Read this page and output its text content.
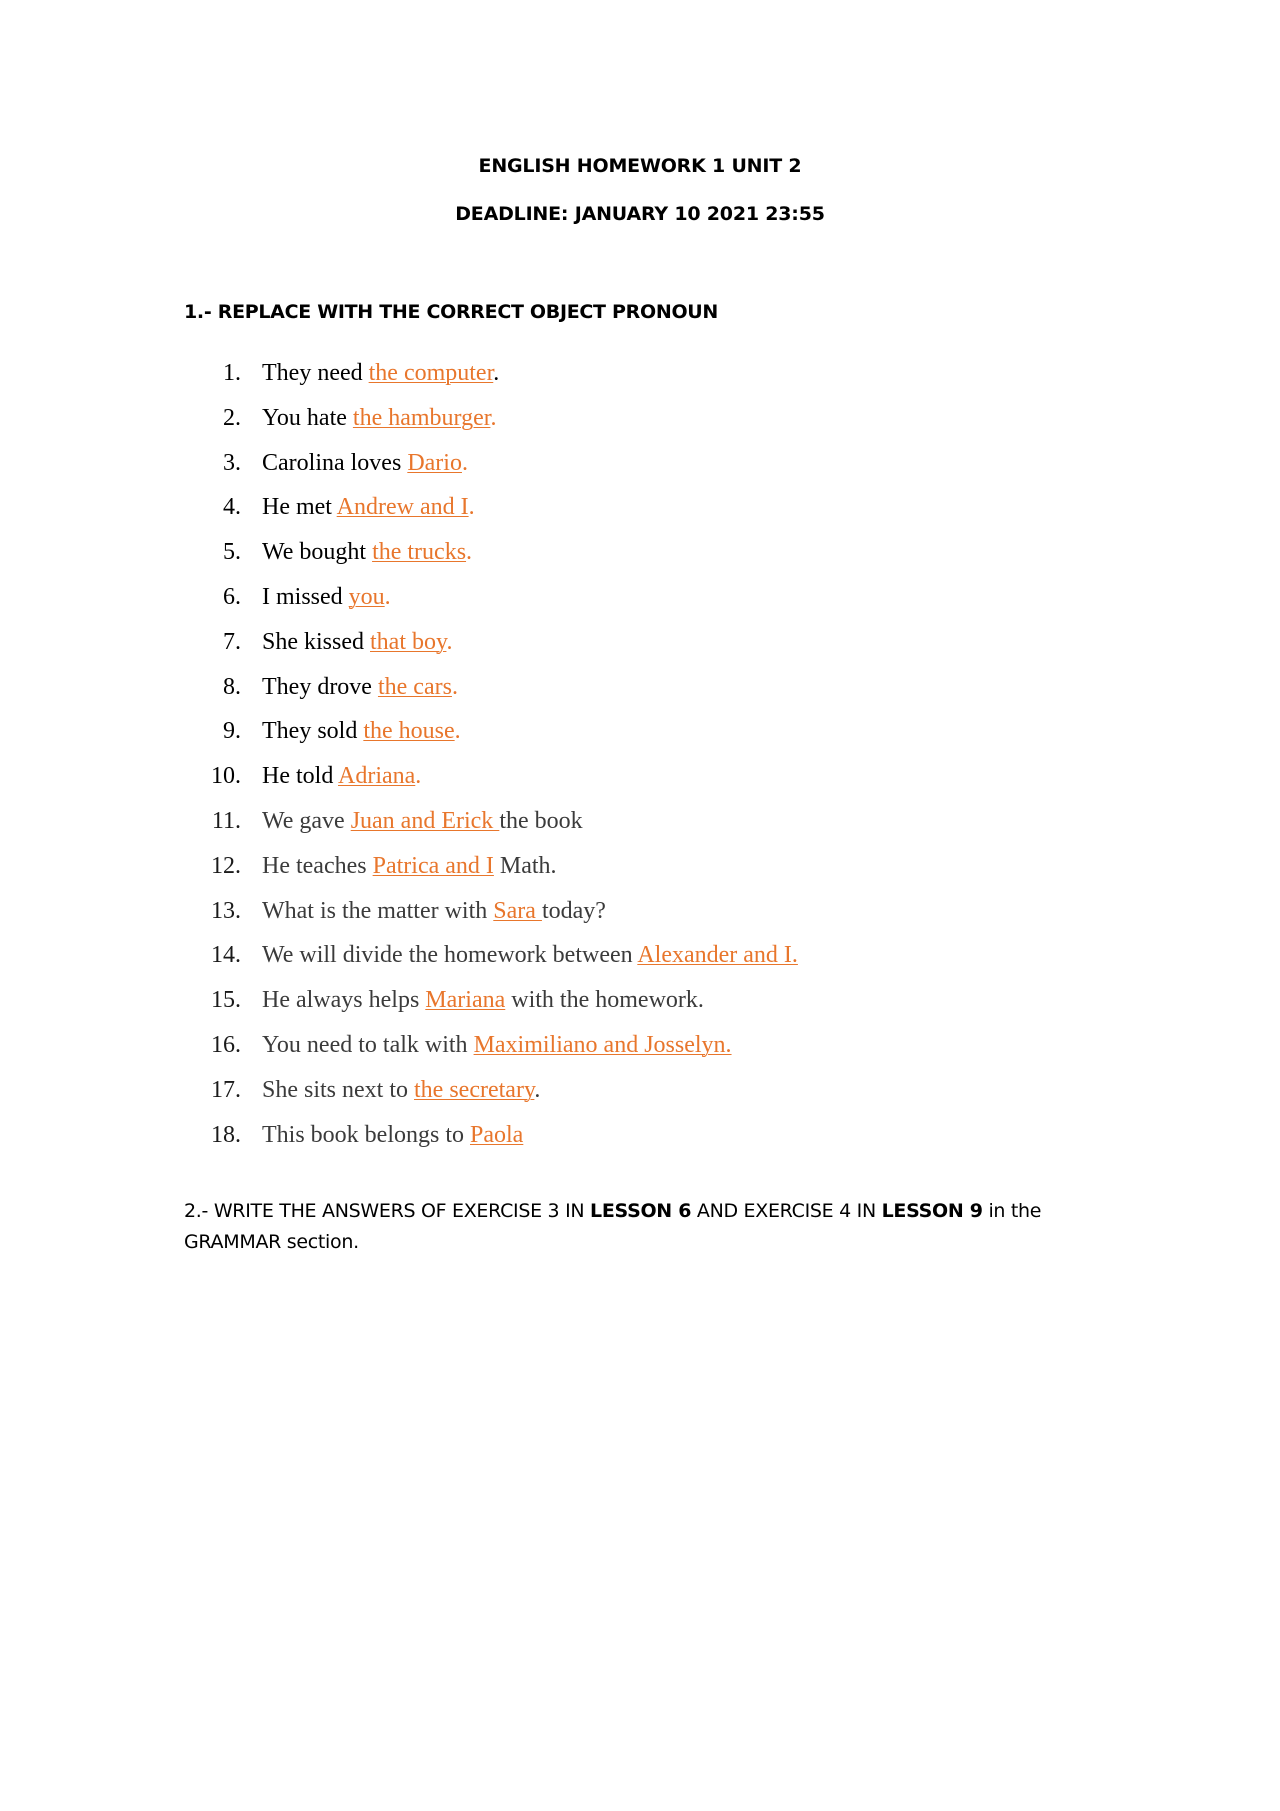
ENGLISH HOMEWORK 1 UNIT 2
DEADLINE: JANUARY 10 2021 23:55
1.- REPLACE WITH THE CORRECT OBJECT PRONOUN
1. They need the computer.
2. You hate the hamburger.
3. Carolina loves Dario.
4. He met Andrew and I.
5. We bought the trucks.
6. I missed you.
7. She kissed that boy.
8. They drove the cars.
9. They sold the house.
10. He told Adriana.
11. We gave Juan and Erick the book
12. He teaches Patrica and I Math.
13. What is the matter with Sara today?
14. We will divide the homework between Alexander and I.
15. He always helps Mariana with the homework.
16. You need to talk with Maximiliano and Josselyn.
17. She sits next to the secretary.
18. This book belongs to Paola
2.- WRITE THE ANSWERS OF EXERCISE 3 IN LESSON 6 AND EXERCISE 4 IN LESSON 9 in the GRAMMAR section.
